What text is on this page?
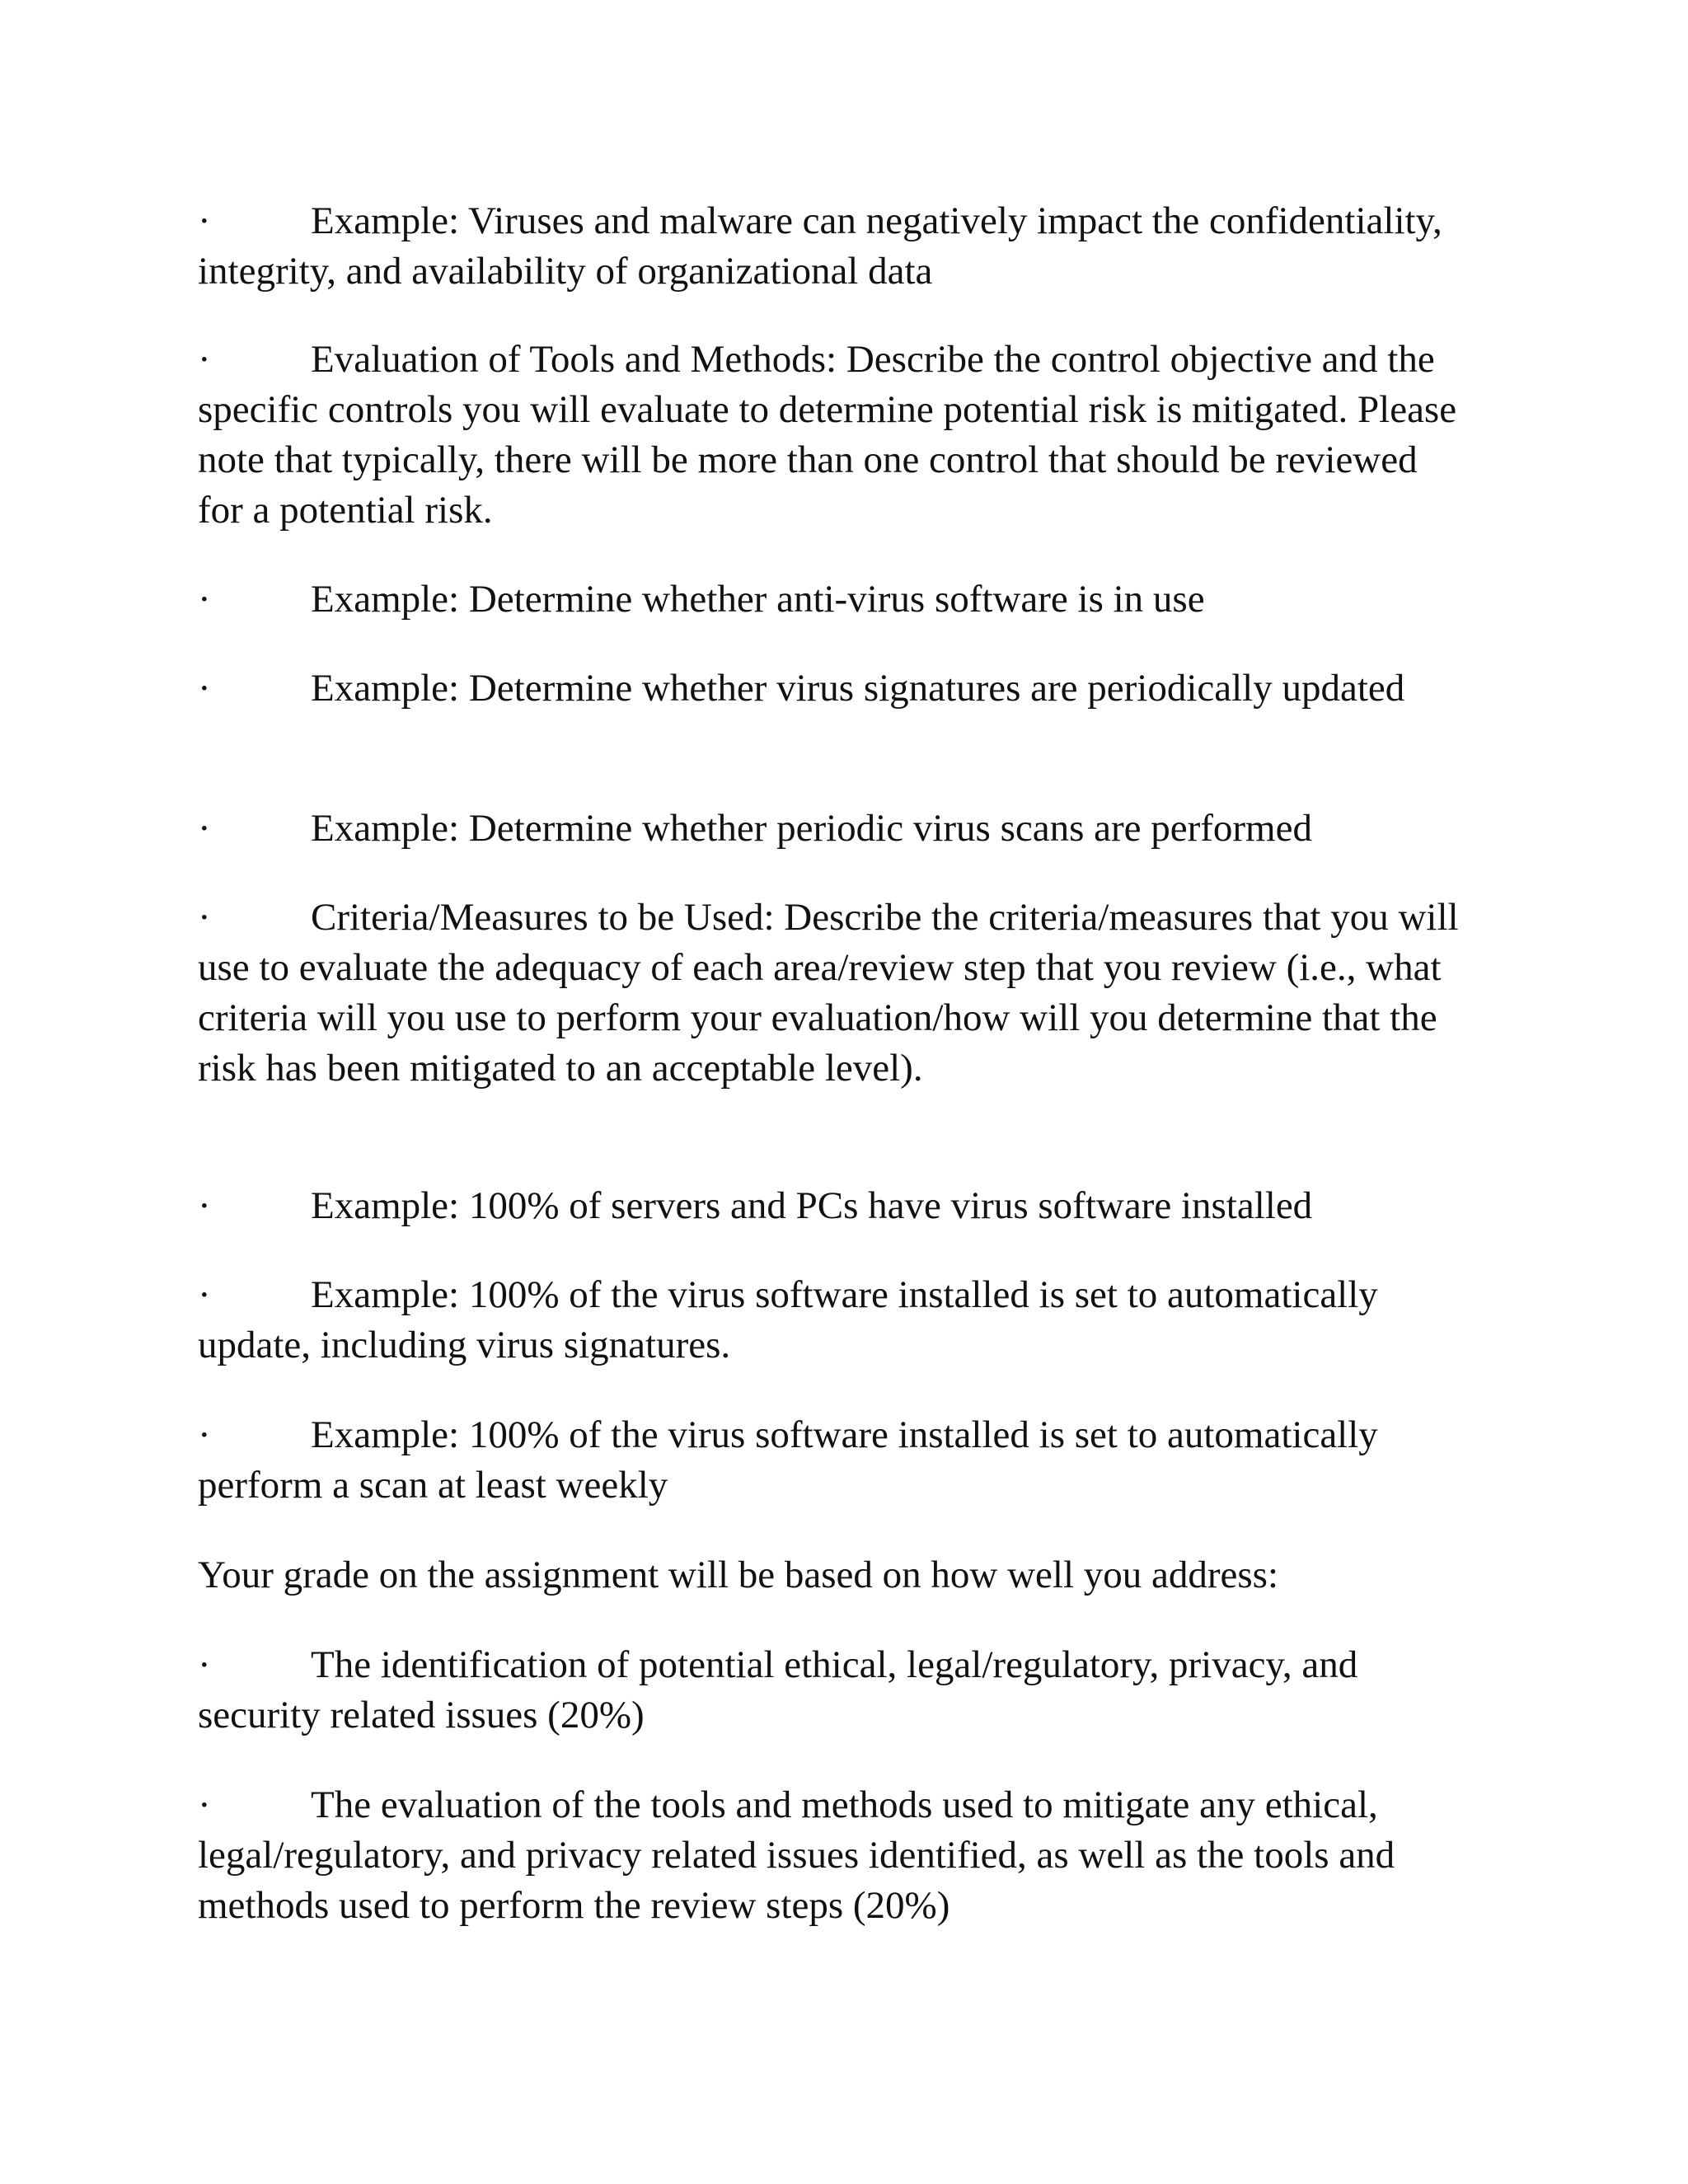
·	Example: Viruses and malware can negatively impact the confidentiality, integrity, and availability of organizational data

·	Evaluation of Tools and Methods: Describe the control objective and the specific controls you will evaluate to determine potential risk is mitigated. Please note that typically, there will be more than one control that should be reviewed for a potential risk.

·	Example: Determine whether anti-virus software is in use

·	Example: Determine whether virus signatures are periodically updated

·	Example: Determine whether periodic virus scans are performed

·	Criteria/Measures to be Used: Describe the criteria/measures that you will use to evaluate the adequacy of each area/review step that you review (i.e., what criteria will you use to perform your evaluation/how will you determine that the risk has been mitigated to an acceptable level).

·	Example: 100% of servers and PCs have virus software installed

·	Example: 100% of the virus software installed is set to automatically update, including virus signatures.

·	Example: 100% of the virus software installed is set to automatically perform a scan at least weekly

Your grade on the assignment will be based on how well you address:

·	The identification of potential ethical, legal/regulatory, privacy, and security related issues (20%)

·	The evaluation of the tools and methods used to mitigate any ethical, legal/regulatory, and privacy related issues identified, as well as the tools and methods used to perform the review steps (20%)
